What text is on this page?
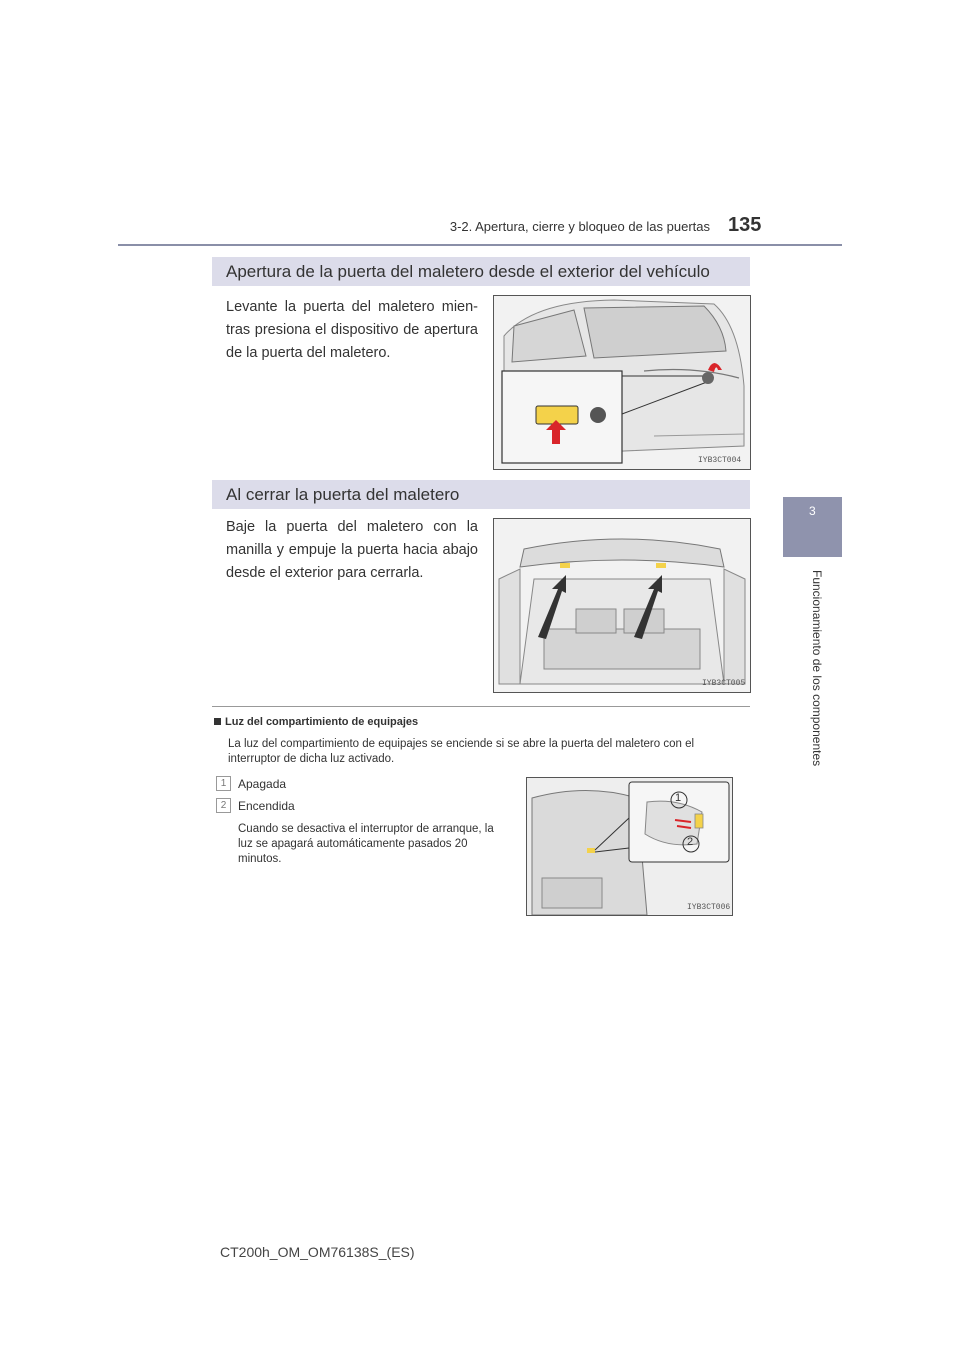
3-2. Apertura, cierre y bloqueo de las puertas 135
3
Funcionamiento de los componentes
Apertura de la puerta del maletero desde el exterior del vehículo
Levante la puerta del maletero mien-tras presiona el dispositivo de apertura de la puerta del maletero.
IYB3CT004
Al cerrar la puerta del maletero
Baje la puerta del maletero con la manilla y empuje la puerta hacia abajo desde el exterior para cerrarla.
IYB3CT005
Luz del compartimiento de equipajes
La luz del compartimiento de equipajes se enciende si se abre la puerta del maletero con el interruptor de dicha luz activado.
1 Apagada
2 Encendida
Cuando se desactiva el interruptor de arranque, la luz se apagará automáticamente pasados 20 minutos.
1
2
IYB3CT006
CT200h_OM_OM76138S_(ES)
